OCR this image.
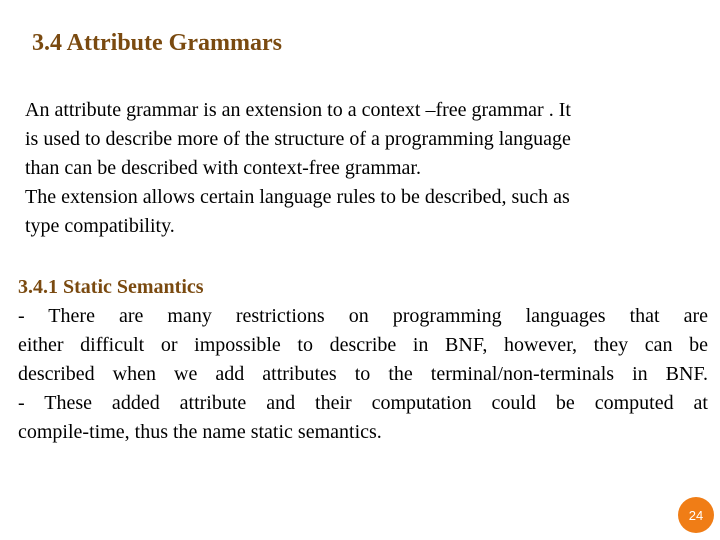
3.4 Attribute Grammars

An attribute grammar is an extension to a context –free grammar . It

is used to describe more of the structure of a programming language

than can be described with context-free grammar.

The extension allows certain language rules to be described, such as

type compatibility.

3.4.1 Static Semantics

- There are many restrictions on programming languages that are

either difficult or impossible to describe in BNF, however, they can be

described when we add attributes to the terminal/non-terminals in BNF.

- These added attribute and their computation could be computed at

compile-time, thus the name static semantics.

24
